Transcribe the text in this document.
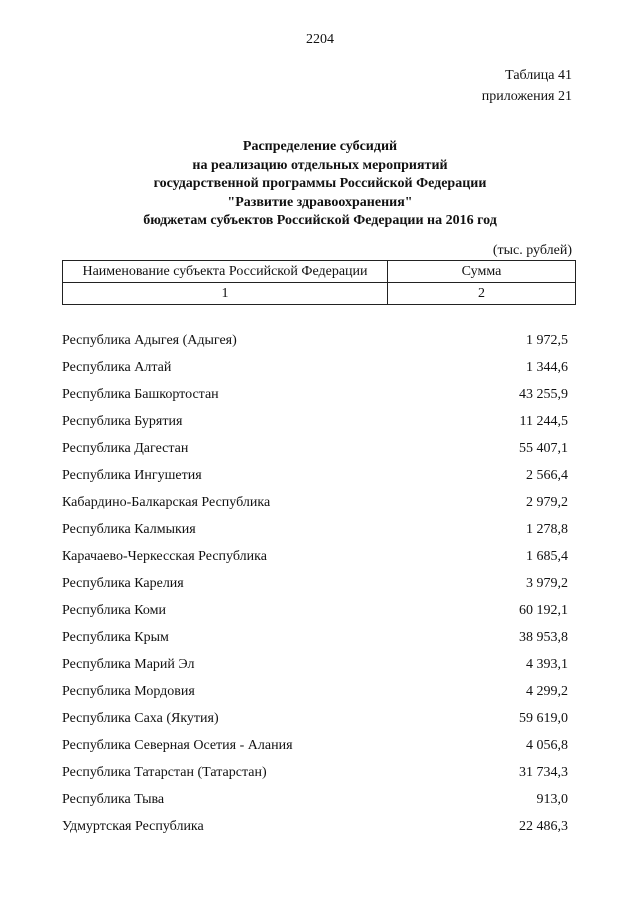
2204
Таблица 41
приложения 21
Распределение субсидий
на реализацию отдельных мероприятий
государственной программы Российской Федерации
"Развитие здравоохранения"
бюджетам субъектов Российской Федерации на 2016 год
(тыс. рублей)
Наименование субъекта Российской Федерации	Сумма
1	2
Республика Адыгея (Адыгея)	1 972,5
Республика Алтай	1 344,6
Республика Башкортостан	43 255,9
Республика Бурятия	11 244,5
Республика Дагестан	55 407,1
Республика Ингушетия	2 566,4
Кабардино-Балкарская Республика	2 979,2
Республика Калмыкия	1 278,8
Карачаево-Черкесская Республика	1 685,4
Республика Карелия	3 979,2
Республика Коми	60 192,1
Республика Крым	38 953,8
Республика Марий Эл	4 393,1
Республика Мордовия	4 299,2
Республика Саха (Якутия)	59 619,0
Республика Северная Осетия - Алания	4 056,8
Республика Татарстан (Татарстан)	31 734,3
Республика Тыва	913,0
Удмуртская Республика	22 486,3
